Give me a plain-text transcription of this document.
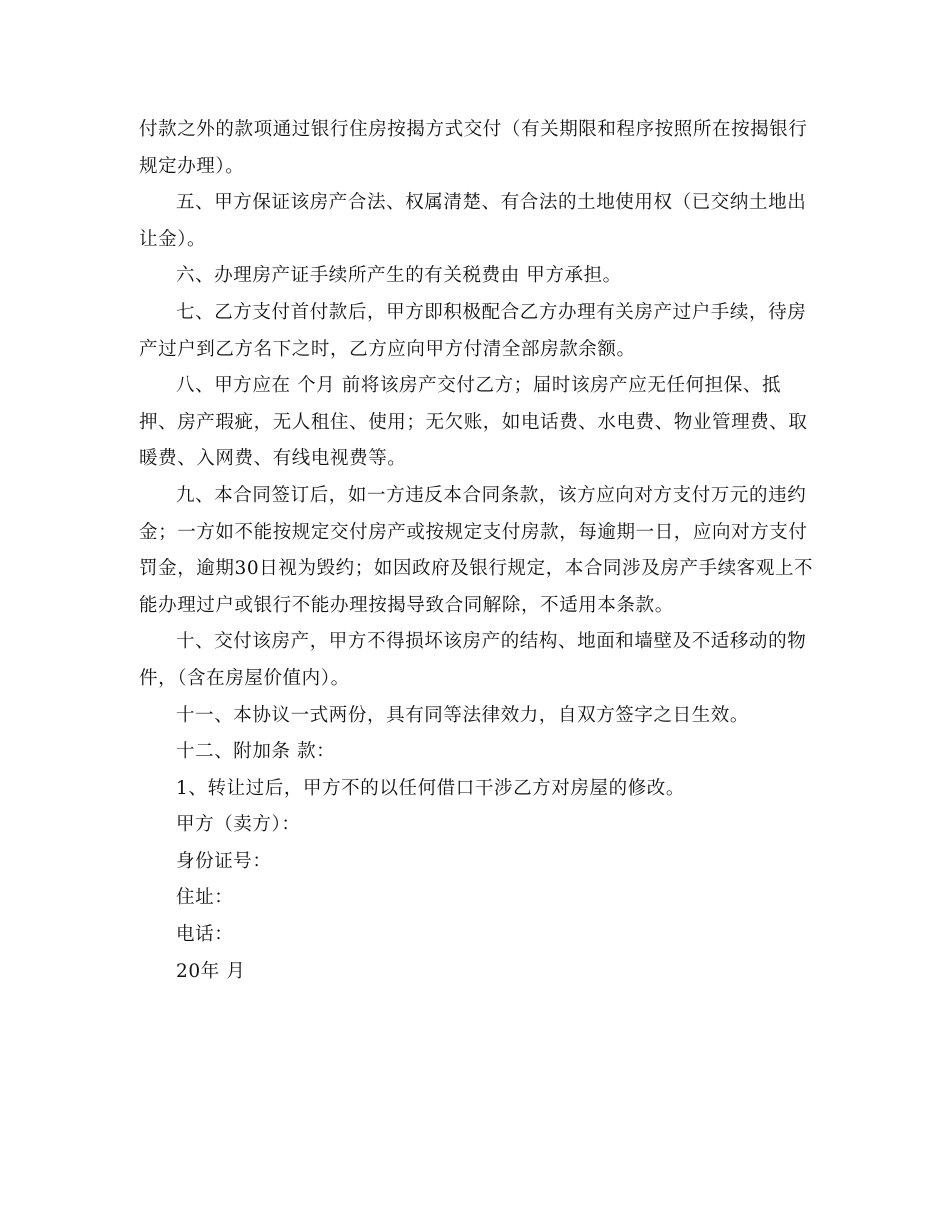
付款之外的款项通过银行住房按揭方式交付（有关期限和程序按照所在按揭银行规定办理）。

五、甲方保证该房产合法、权属清楚、有合法的土地使用权（已交纳土地出让金）。

六、办理房产证手续所产生的有关税费由 甲方承担。

七、乙方支付首付款后，甲方即积极配合乙方办理有关房产过户手续，待房产过户到乙方名下之时，乙方应向甲方付清全部房款余额。

八、甲方应在 个月 前将该房产交付乙方；届时该房产应无任何担保、抵押、房产瑕疵，无人租住、使用；无欠账，如电话费、水电费、物业管理费、取暖费、入网费、有线电视费等。

九、本合同签订后，如一方违反本合同条款，该方应向对方支付万元的违约金；一方如不能按规定交付房产或按规定支付房款，每逾期一日，应向对方支付罚金，逾期30日视为毁约；如因政府及银行规定，本合同涉及房产手续客观上不能办理过户或银行不能办理按揭导致合同解除，不适用本条款。

十、交付该房产，甲方不得损坏该房产的结构、地面和墙壁及不适移动的物件，（含在房屋价值内）。

十一、本协议一式两份，具有同等法律效力，自双方签字之日生效。

十二、附加条 款：

1、转让过后，甲方不的以任何借口干涉乙方对房屋的修改。

甲方（卖方）：

身份证号：

住址：

电话：

20年 月
